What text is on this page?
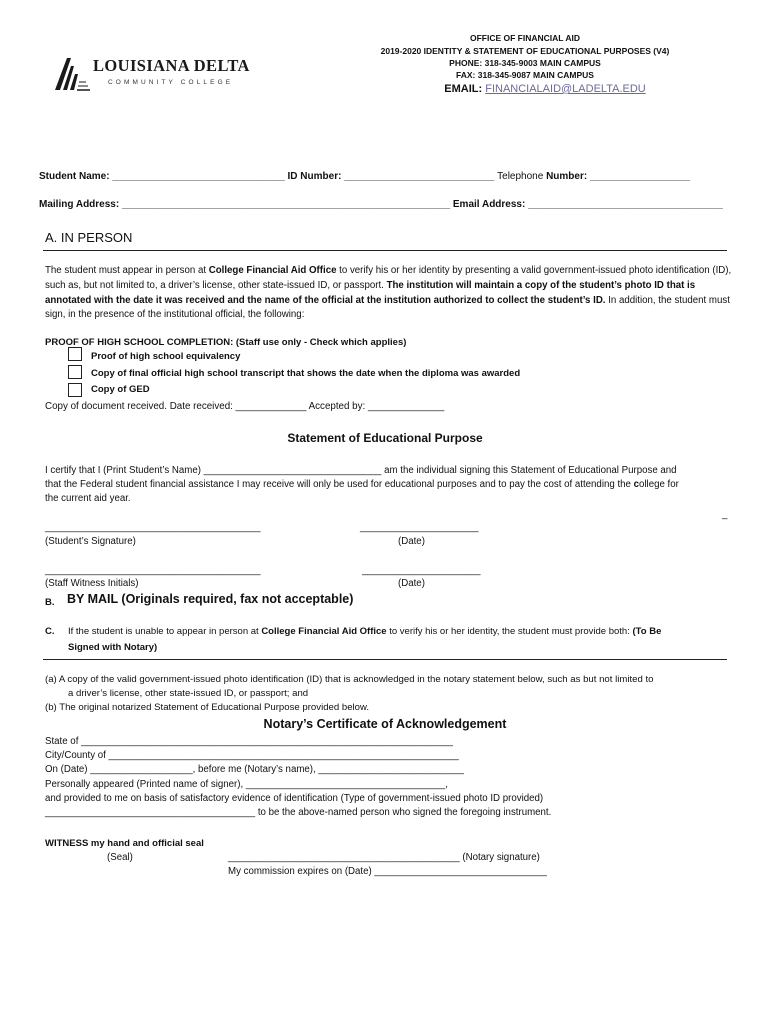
LOUISIANA DELTA
COMMUNITY COLLEGE
OFFICE OF FINANCIAL AID
2019-2020 IDENTITY & STATEMENT OF EDUCATIONAL PURPOSES (V4)
PHONE: 318-345-9003 MAIN CAMPUS
FAX: 318-345-9087 MAIN CAMPUS
EMAIL: FINANCIALAID@LADELTA.EDU
Student Name: _______________________________ ID Number: ___________________________ Telephone Number: __________________
Mailing Address: ___________________________________________________________ Email Address: ___________________________________
A. IN PERSON
The student must appear in person at College Financial Aid Office to verify his or her identity by presenting a valid government-issued photo identification (ID), such as, but not limited to, a driver’s license, other state-issued ID, or passport. The institution will maintain a copy of the student’s photo ID that is annotated with the date it was received and the name of the official at the institution authorized to collect the student’s ID. In addition, the student must sign, in the presence of the institutional official, the following:
PROOF OF HIGH SCHOOL COMPLETION: (Staff use only - Check which applies)
Proof of high school equivalency
Copy of final official high school transcript that shows the date when the diploma was awarded
Copy of GED
Copy of document received. Date received: _____________ Accepted by: ______________
Statement of Educational Purpose
I certify that I (Print Student’s Name) _________________________________ am the individual signing this Statement of Educational Purpose and
that the Federal student financial assistance I may receive will only be used for educational purposes and to pay the cost of attending the college for
the current aid year.
_
________________________________________	______________________
(Student’s Signature)	(Date)
________________________________________	______________________
(Staff Witness Initials)	(Date)
B. BY MAIL (Originals required, fax not acceptable)
C. If the student is unable to appear in person at College Financial Aid Office to verify his or her identity, the student must provide both: (To Be
Signed with Notary)
(a) A copy of the valid government-issued photo identification (ID) that is acknowledged in the notary statement below, such as but not limited to
a driver’s license, other state-issued ID, or passport; and
(b) The original notarized Statement of Educational Purpose provided below.
Notary’s Certificate of Acknowledgement
State of _____________________________________________________________________
City/County of _________________________________________________________________
On (Date) ___________________, before me (Notary’s name), ___________________________
Personally appeared (Printed name of signer), _____________________________________,
and provided to me on basis of satisfactory evidence of identification (Type of government-issued photo ID provided)
_______________________________________ to be the above-named person who signed the foregoing instrument.
WITNESS my hand and official seal
(Seal)	___________________________________________ (Notary signature)
My commission expires on (Date) ________________________________
